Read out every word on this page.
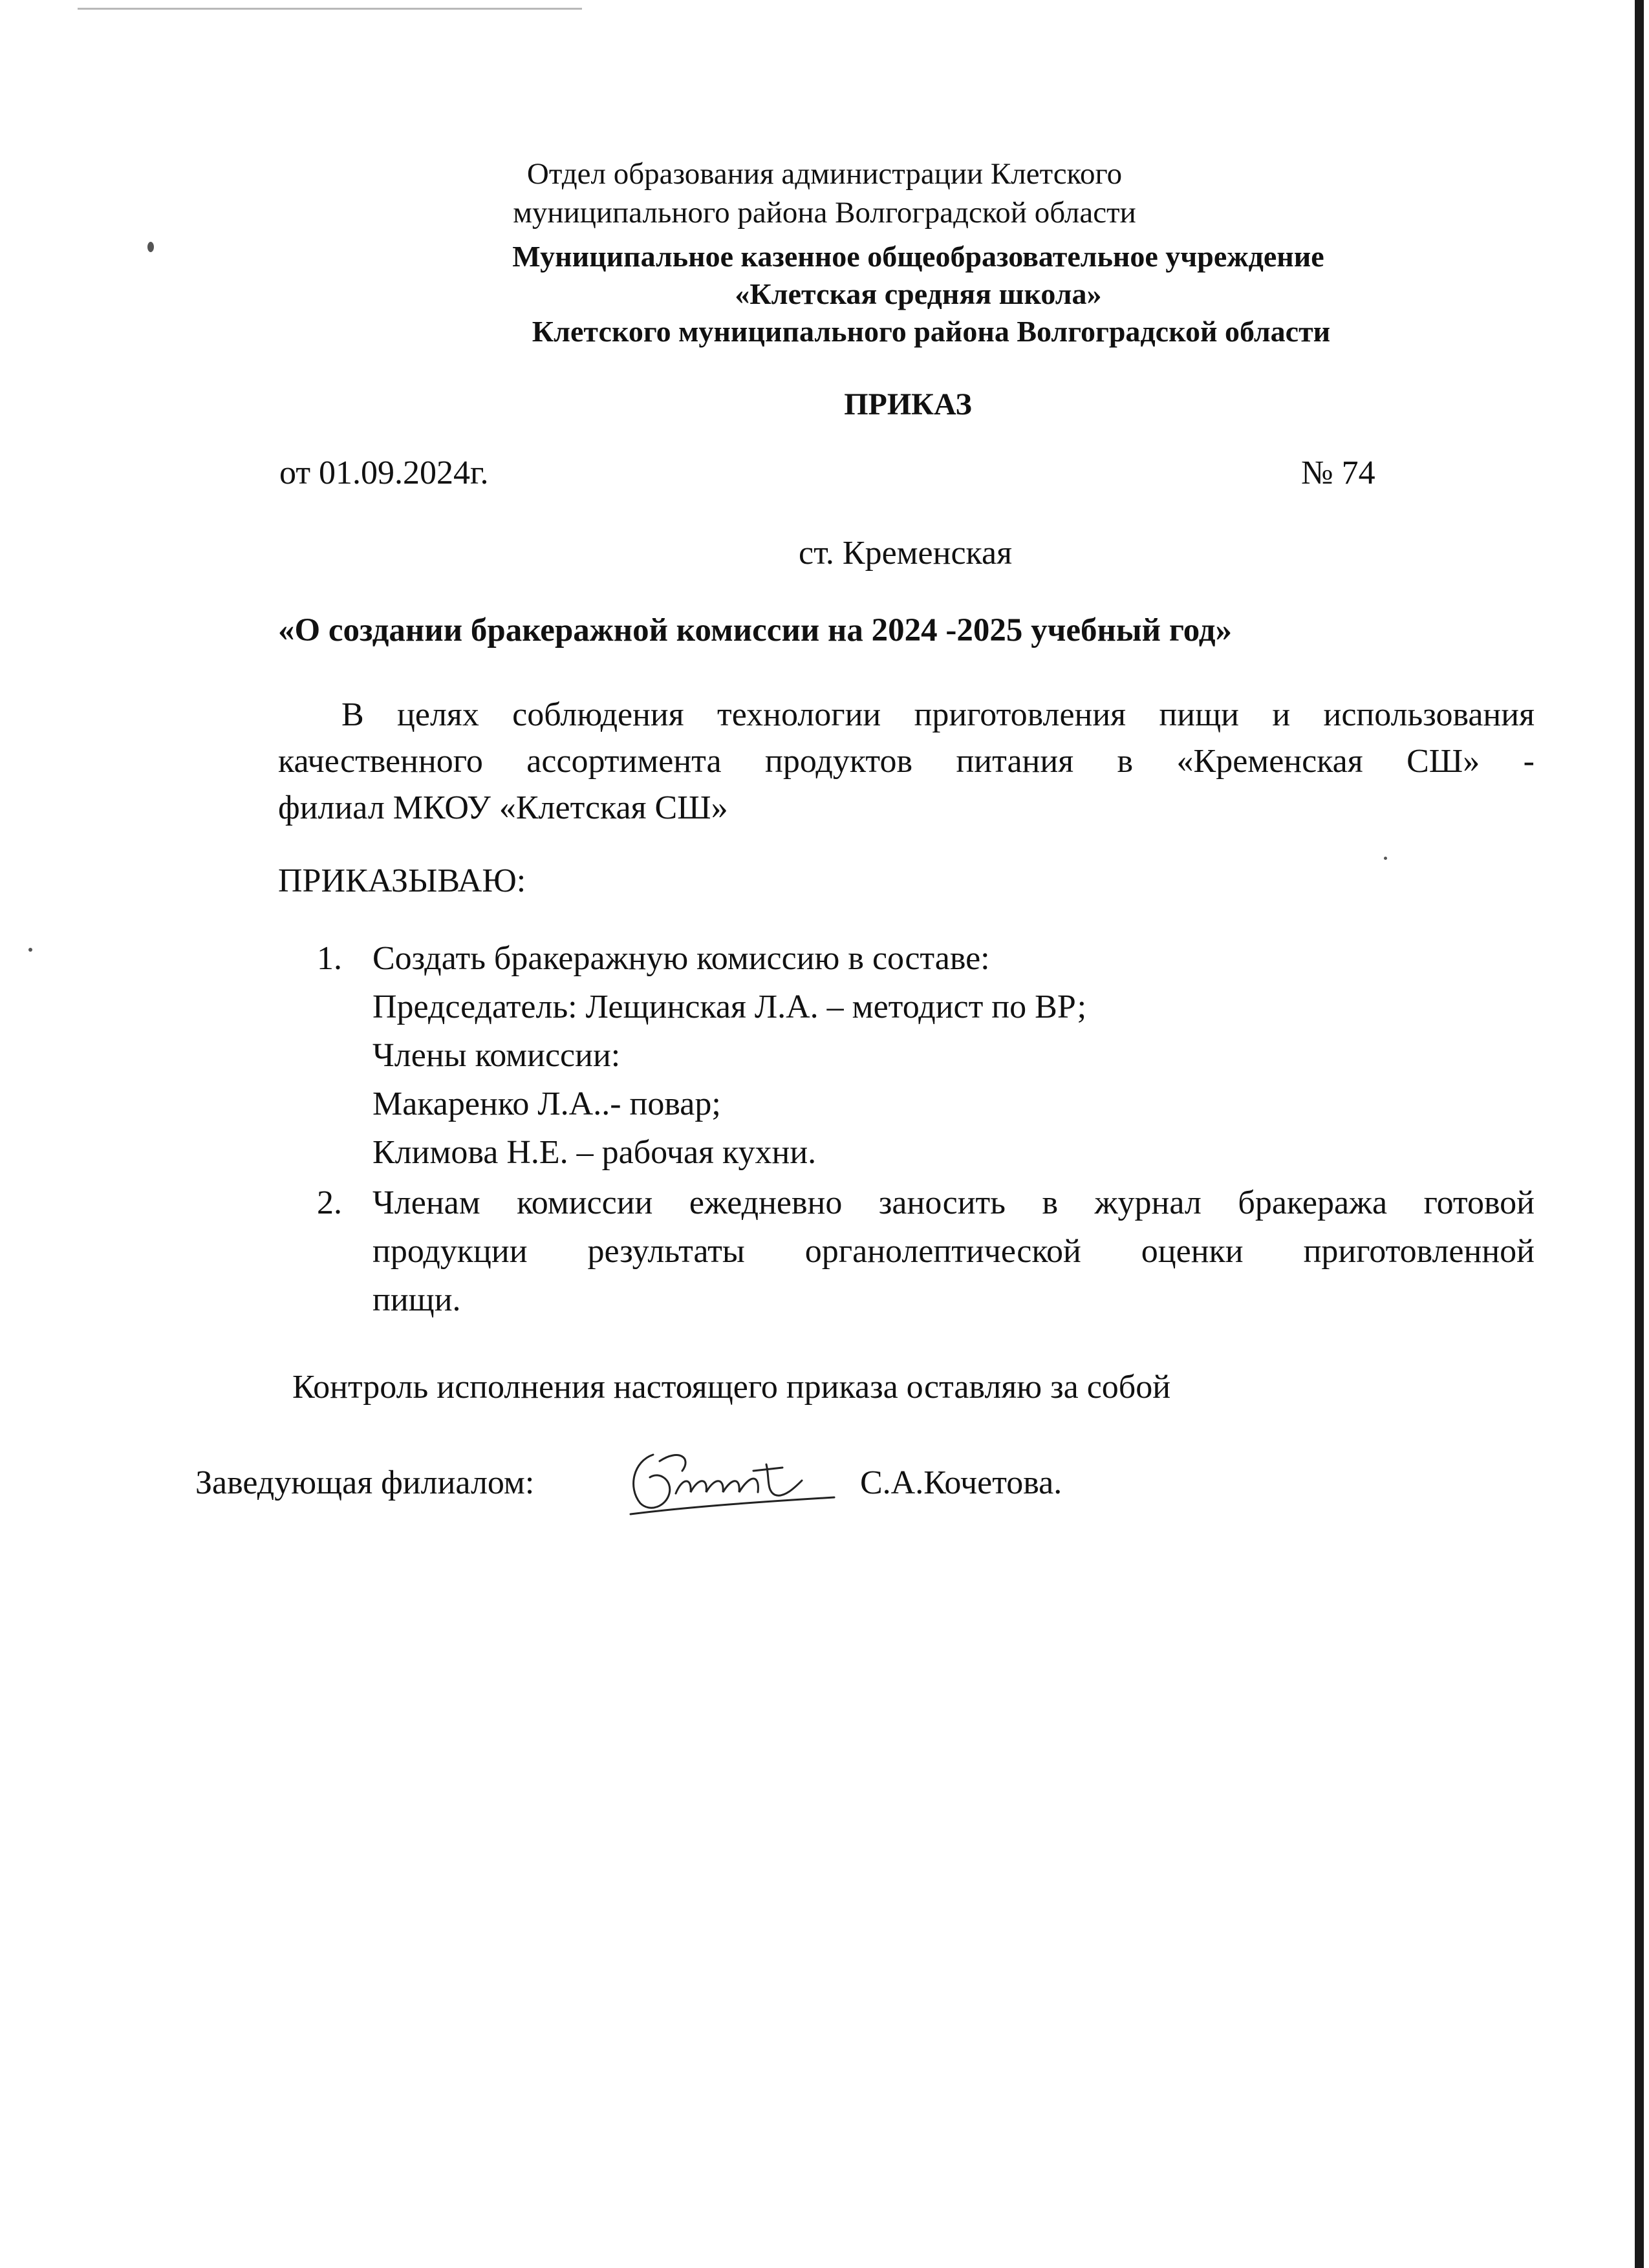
Отдел образования администрации Клетского
муниципального района Волгоградской области
Муниципальное казенное общеобразовательное учреждение
«Клетская средняя школа»
Клетского муниципального района Волгоградской области
ПРИКАЗ
от 01.09.2024г.	№ 74
ст. Кременская
«О создании бракеражной комиссии на 2024 -2025 учебный год»
В целях соблюдения технологии приготовления пищи и использования
качественного ассортимента продуктов питания в «Кременская СШ» -
филиал МКОУ «Клетская СШ»
ПРИКАЗЫВАЮ:
1. Создать бракеражную комиссию в составе:
Председатель: Лещинская Л.А. – методист по ВР;
Члены комиссии:
Макаренко Л.А..- повар;
Климова Н.Е. – рабочая кухни.
2. Членам комиссии ежедневно заносить в журнал бракеража готовой
продукции результаты органолептической оценки приготовленной
пищи.
Контроль исполнения настоящего приказа оставляю за собой
Заведующая филиалом:	С.А.Кочетова.
